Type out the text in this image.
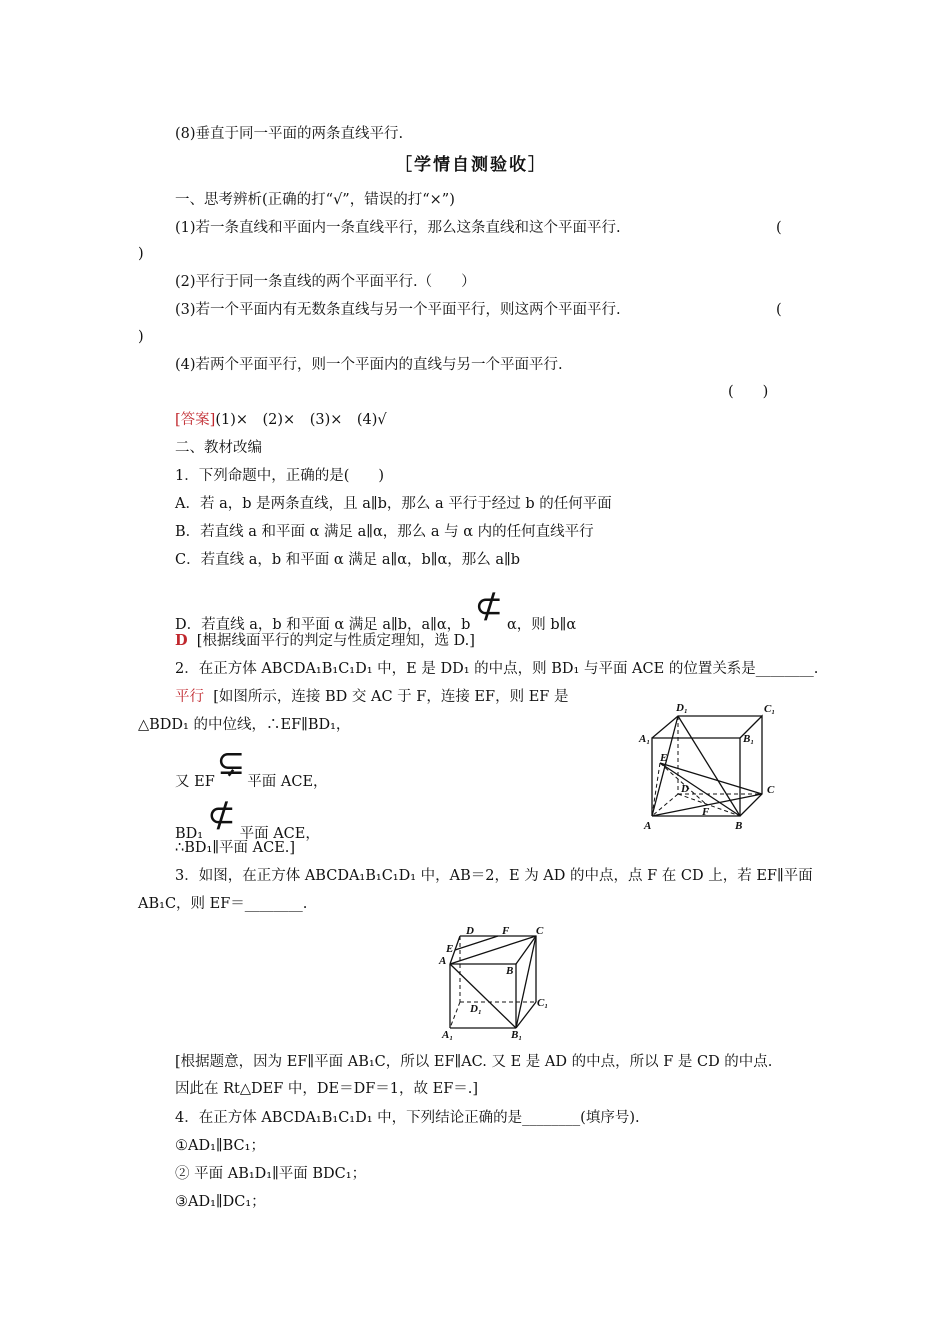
(8)垂直于同一平面的两条直线平行.
［学情自测验收］
一、思考辨析(正确的打“√”，错误的打“×”)
(1)若一条直线和平面内一条直线平行，那么这条直线和这个平面平行.	(
)
(2)平行于同一条直线的两个平面平行.（　　）
(3)若一个平面内有无数条直线与另一个平面平行，则这两个平面平行.	(
)
(4)若两个平面平行，则一个平面内的直线与另一个平面平行.
(　　)
[答案](1)×　(2)×　(3)×　(4)√
二、教材改编
1．下列命题中，正确的是(　　)
A．若 a，b 是两条直线，且 a∥b，那么 a 平行于经过 b 的任何平面
B．若直线 a 和平面 α 满足 a∥α，那么 a 与 α 内的任何直线平行
C．若直线 a，b 和平面 α 满足 a∥α，b∥α，那么 a∥b
D．若直线 a，b 和平面 α 满足 a∥b，a∥α，b ⊄ α，则 b∥α
D [根据线面平行的判定与性质定理知，选 D.]
2．在正方体 ABCDA₁B₁C₁D₁ 中，E 是 DD₁ 的中点，则 BD₁ 与平面 ACE 的位置关系是________.
平行 [如图所示，连接 BD 交 AC 于 F，连接 EF，则 EF 是
△BDD₁ 的中位线，∴EF∥BD₁，
又 EF⊊ 平面 ACE，
BD₁ ⊄ 平面 ACE，
∴BD₁∥平面 ACE.]
D₁	C₁
A₁	B₁
E
D
F
C
A	B
3．如图，在正方体 ABCDA₁B₁C₁D₁ 中，AB＝2，E 为 AD 的中点，点 F 在 CD 上，若 EF∥平面
AB₁C，则 EF＝________.
D	F C
E
A
B
D₁	C₁
A₁	B₁
[根据题意，因为 EF∥平面 AB₁C，所以 EF∥AC. 又 E 是 AD 的中点，所以 F 是 CD 的中点.
因此在 Rt△DEF 中，DE＝DF＝1，故 EF＝.]
4．在正方体 ABCDA₁B₁C₁D₁ 中，下列结论正确的是________(填序号).
①AD₁∥BC₁；
② 平面 AB₁D₁∥平面 BDC₁；
③AD₁∥DC₁；
